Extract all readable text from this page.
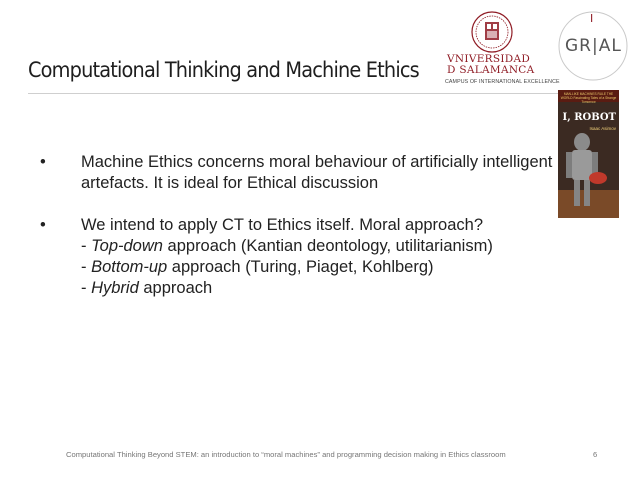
Computational Thinking and Machine Ethics	VNIVERSIDAD
D SALAMANCA
CAMPUS OF INTERNATIONAL EXCELLENCE
I
GR|AL
MAN-LIKE MACHINES RULE THE WORLD Fascinating Tales of a Strange Tomorrow
I, ROBOT
Isaac Asimov
• Machine Ethics concerns moral behaviour of artificially intelligent artefacts. It is ideal for Ethical discussion
• We intend to apply CT to Ethics itself. Moral approach?
- Top-down approach (Kantian deontology, utilitarianism)
- Bottom-up approach (Turing, Piaget, Kohlberg)
- Hybrid approach
Computational Thinking Beyond STEM: an introduction to “moral machines” and programming decision making in Ethics classroom	6
